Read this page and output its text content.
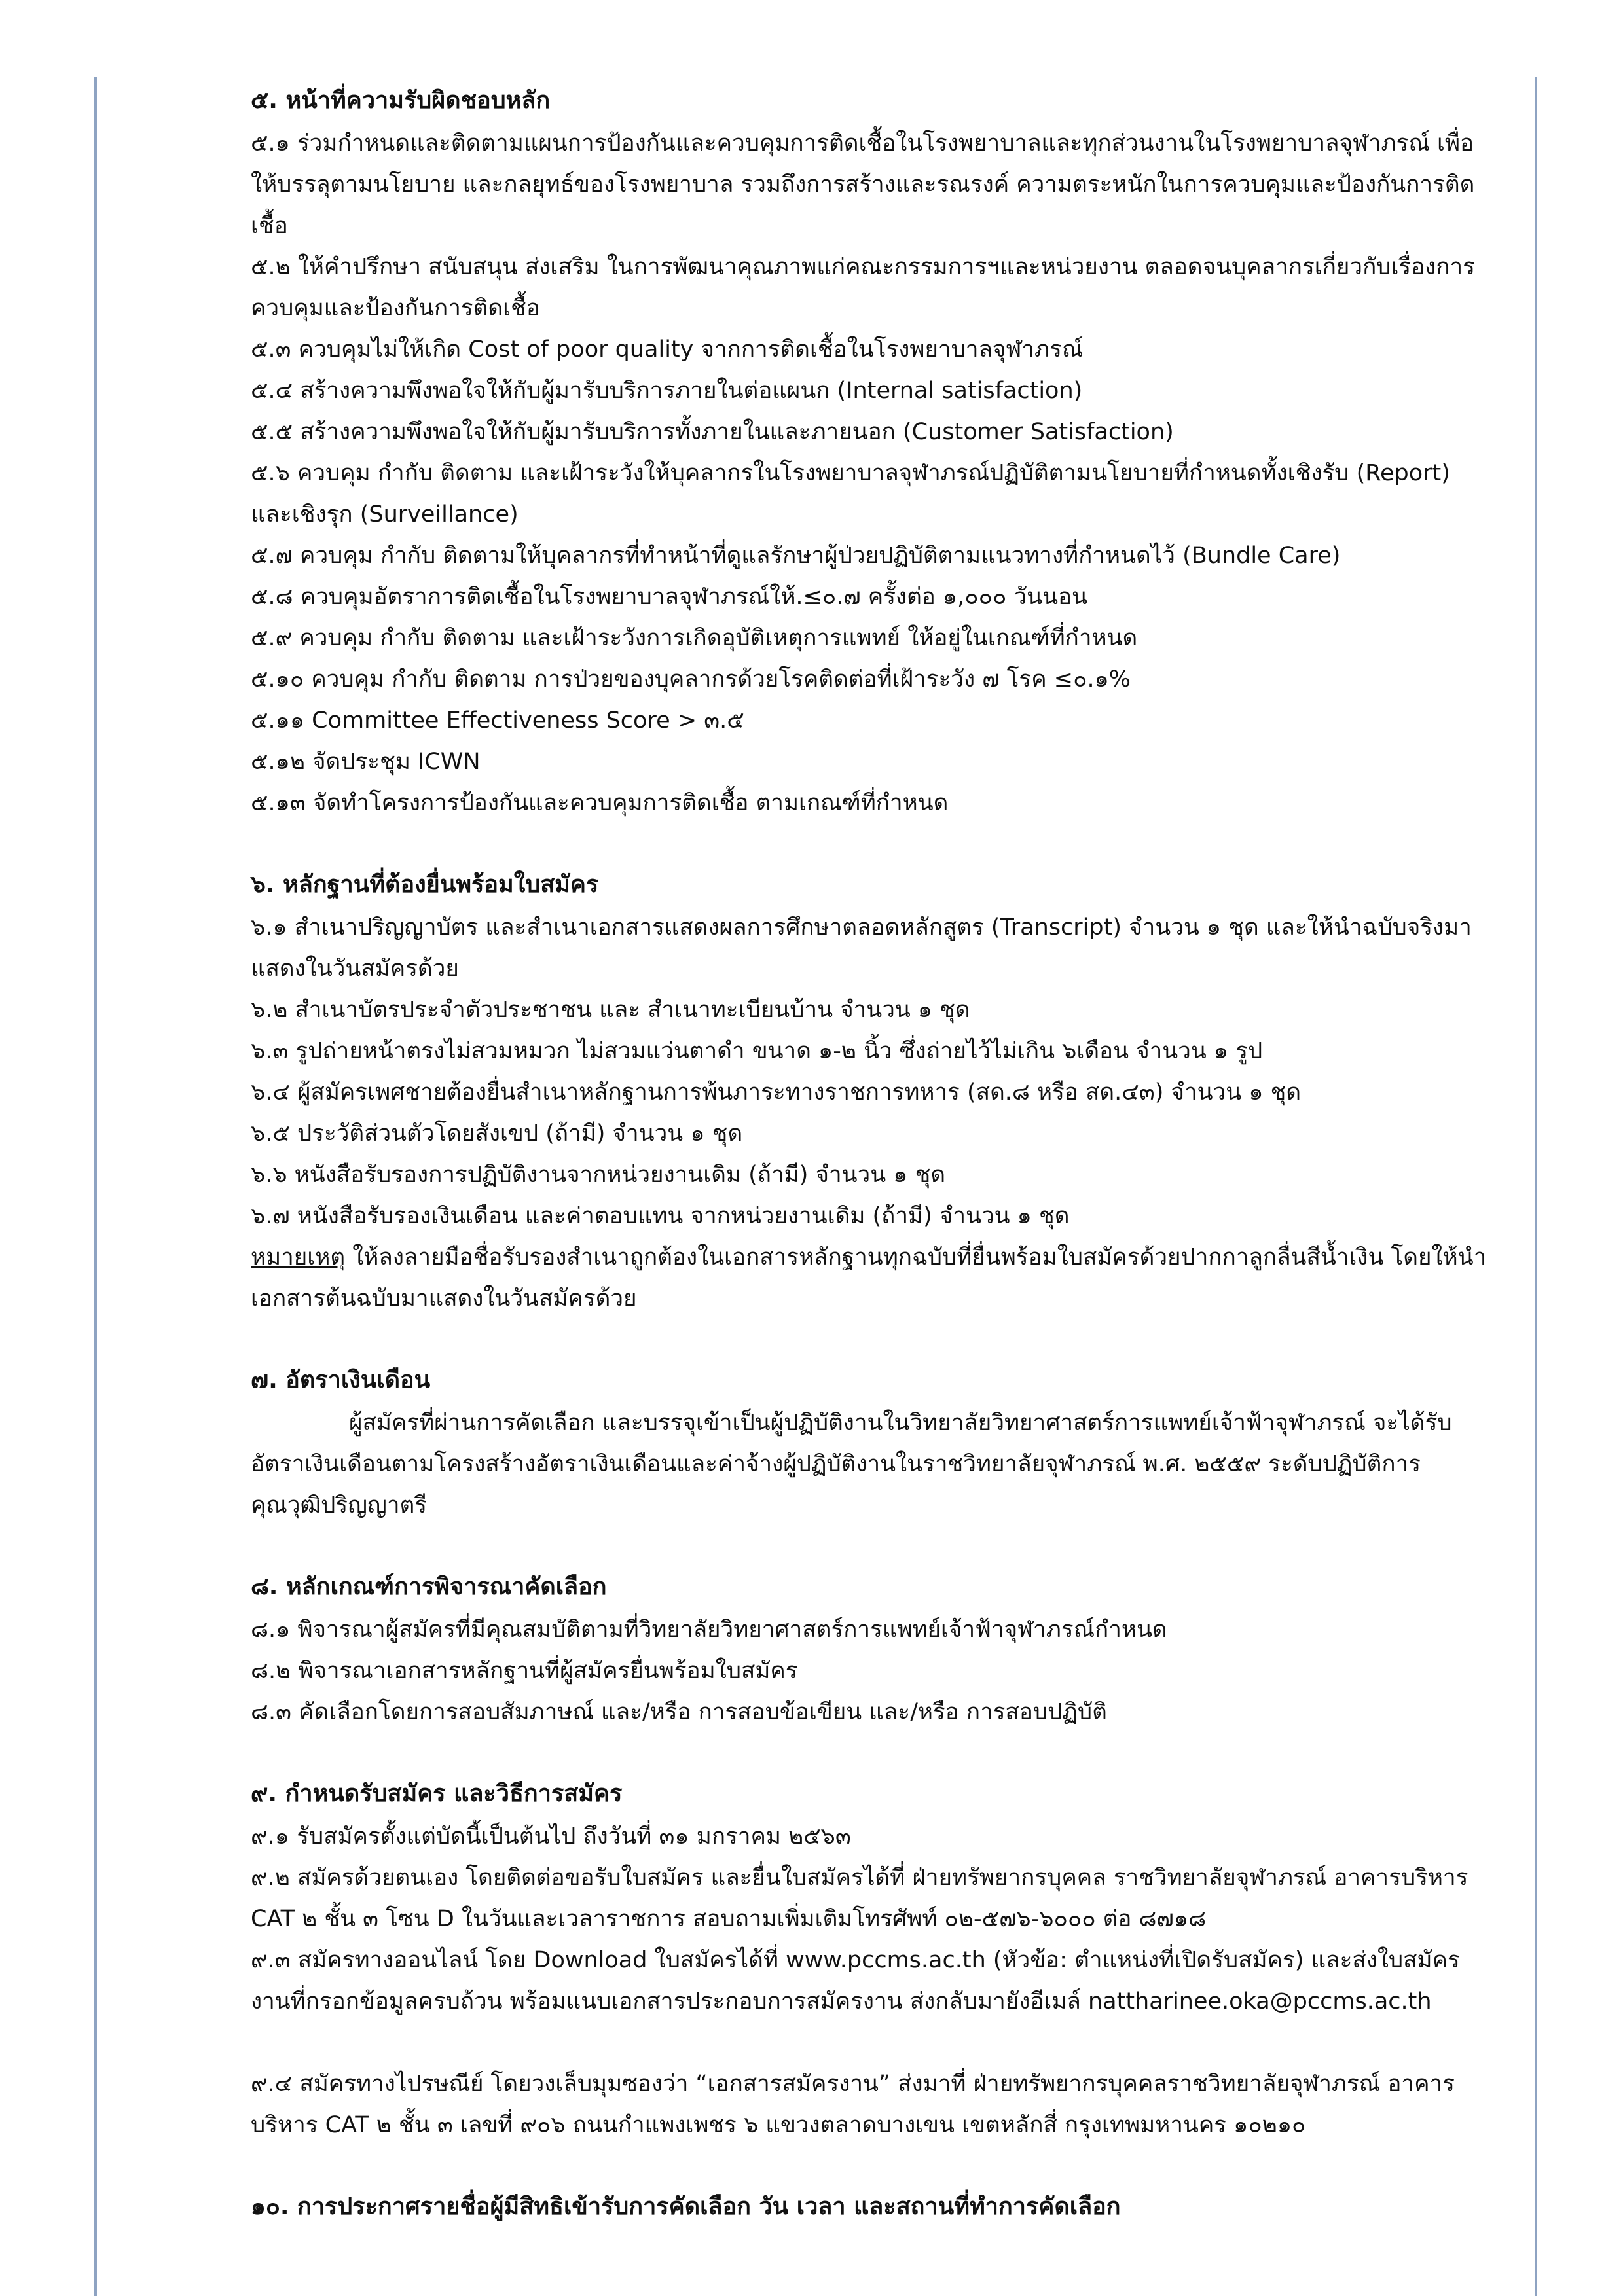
๕. หน้าที่ความรับผิดชอบหลัก
๕.๑ ร่วมกำหนดและติดตามแผนการป้องกันและควบคุมการติดเชื้อในโรงพยาบาลและทุกส่วนงานในโรงพยาบาลจุฬาภรณ์ เพื่อให้บรรลุตามนโยบาย และกลยุทธ์ของโรงพยาบาล รวมถึงการสร้างและรณรงค์ ความตระหนักในการควบคุมและป้องกันการติดเชื้อ
๕.๒ ให้คำปรึกษา สนับสนุน ส่งเสริม ในการพัฒนาคุณภาพแก่คณะกรรมการฯและหน่วยงาน ตลอดจนบุคลากรเกี่ยวกับเรื่องการควบคุมและป้องกันการติดเชื้อ
๕.๓ ควบคุมไม่ให้เกิด Cost of poor quality จากการติดเชื้อในโรงพยาบาลจุฬาภรณ์
๕.๔ สร้างความพึงพอใจให้กับผู้มารับบริการภายในต่อแผนก (Internal satisfaction)
๕.๕ สร้างความพึงพอใจให้กับผู้มารับบริการทั้งภายในและภายนอก (Customer Satisfaction)
๕.๖ ควบคุม กำกับ ติดตาม และเฝ้าระวังให้บุคลากรในโรงพยาบาลจุฬาภรณ์ปฏิบัติตามนโยบายที่กำหนดทั้งเชิงรับ (Report) และเชิงรุก (Surveillance)
๕.๗ ควบคุม กำกับ ติดตามให้บุคลากรที่ทำหน้าที่ดูแลรักษาผู้ป่วยปฏิบัติตามแนวทางที่กำหนดไว้ (Bundle Care)
๕.๘ ควบคุมอัตราการติดเชื้อในโรงพยาบาลจุฬาภรณ์ให้.≤๐.๗ ครั้งต่อ ๑,๐๐๐ วันนอน
๕.๙ ควบคุม กำกับ ติดตาม และเฝ้าระวังการเกิดอุบัติเหตุการแพทย์ ให้อยู่ในเกณฑ์ที่กำหนด
๕.๑๐ ควบคุม กำกับ ติดตาม การป่วยของบุคลากรด้วยโรคติดต่อที่เฝ้าระวัง ๗ โรค ≤๐.๑%
๕.๑๑ Committee Effectiveness Score > ๓.๕
๕.๑๒ จัดประชุม ICWN
๕.๑๓ จัดทำโครงการป้องกันและควบคุมการติดเชื้อ ตามเกณฑ์ที่กำหนด
๖. หลักฐานที่ต้องยื่นพร้อมใบสมัคร
๖.๑ สำเนาปริญญาบัตร และสำเนาเอกสารแสดงผลการศึกษาตลอดหลักสูตร (Transcript) จำนวน ๑ ชุด และให้นำฉบับจริงมาแสดงในวันสมัครด้วย
๖.๒ สำเนาบัตรประจำตัวประชาชน และ สำเนาทะเบียนบ้าน จำนวน ๑ ชุด
๖.๓ รูปถ่ายหน้าตรงไม่สวมหมวก ไม่สวมแว่นตาดำ ขนาด ๑-๒ นิ้ว ซึ่งถ่ายไว้ไม่เกิน ๖เดือน จำนวน ๑ รูป
๖.๔ ผู้สมัครเพศชายต้องยื่นสำเนาหลักฐานการพ้นภาระทางราชการทหาร (สด.๘ หรือ สด.๔๓) จำนวน ๑ ชุด
๖.๕ ประวัติส่วนตัวโดยสังเขป (ถ้ามี) จำนวน ๑ ชุด
๖.๖ หนังสือรับรองการปฏิบัติงานจากหน่วยงานเดิม (ถ้ามี) จำนวน ๑ ชุด
๖.๗ หนังสือรับรองเงินเดือน และค่าตอบแทน จากหน่วยงานเดิม (ถ้ามี) จำนวน ๑ ชุด
หมายเหตุ ให้ลงลายมือชื่อรับรองสำเนาถูกต้องในเอกสารหลักฐานทุกฉบับที่ยื่นพร้อมใบสมัครด้วยปากกาลูกลื่นสีน้ำเงิน โดยให้นำเอกสารต้นฉบับมาแสดงในวันสมัครด้วย
๗. อัตราเงินเดือน
ผู้สมัครที่ผ่านการคัดเลือก และบรรจุเข้าเป็นผู้ปฏิบัติงานในวิทยาลัยวิทยาศาสตร์การแพทย์เจ้าฟ้าจุฬาภรณ์ จะได้รับอัตราเงินเดือนตามโครงสร้างอัตราเงินเดือนและค่าจ้างผู้ปฏิบัติงานในราชวิทยาลัยจุฬาภรณ์ พ.ศ. ๒๕๕๙ ระดับปฏิบัติการ คุณวุฒิปริญญาตรี
๘. หลักเกณฑ์การพิจารณาคัดเลือก
๘.๑ พิจารณาผู้สมัครที่มีคุณสมบัติตามที่วิทยาลัยวิทยาศาสตร์การแพทย์เจ้าฟ้าจุฬาภรณ์กำหนด
๘.๒ พิจารณาเอกสารหลักฐานที่ผู้สมัครยื่นพร้อมใบสมัคร
๘.๓ คัดเลือกโดยการสอบสัมภาษณ์ และ/หรือ การสอบข้อเขียน และ/หรือ การสอบปฏิบัติ
๙. กำหนดรับสมัคร และวิธีการสมัคร
๙.๑ รับสมัครตั้งแต่บัดนี้เป็นต้นไป ถึงวันที่ ๓๑ มกราคม ๒๕๖๓
๙.๒ สมัครด้วยตนเอง โดยติดต่อขอรับใบสมัคร และยื่นใบสมัครได้ที่ ฝ่ายทรัพยากรบุคคล ราชวิทยาลัยจุฬาภรณ์ อาคารบริหาร CAT ๒ ชั้น ๓ โซน D ในวันและเวลาราชการ สอบถามเพิ่มเติมโทรศัพท์ ๐๒-๕๗๖-๖๐๐๐ ต่อ ๘๗๑๘
๙.๓ สมัครทางออนไลน์ โดย Download ใบสมัครได้ที่ www.pccms.ac.th (หัวข้อ: ตำแหน่งที่เปิดรับสมัคร) และส่งใบสมัครงานที่กรอกข้อมูลครบถ้วน พร้อมแนบเอกสารประกอบการสมัครงาน ส่งกลับมายังอีเมล์ nattharinee.oka@pccms.ac.th
๙.๔ สมัครทางไปรษณีย์ โดยวงเล็บมุมซองว่า “เอกสารสมัครงาน” ส่งมาที่ ฝ่ายทรัพยากรบุคคลราชวิทยาลัยจุฬาภรณ์ อาคารบริหาร CAT ๒ ชั้น ๓ เลขที่ ๙๐๖ ถนนกำแพงเพชร ๖ แขวงตลาดบางเขน เขตหลักสี่ กรุงเทพมหานคร ๑๐๒๑๐
๑๐. การประกาศรายชื่อผู้มีสิทธิเข้ารับการคัดเลือก วัน เวลา และสถานที่ทำการคัดเลือก
